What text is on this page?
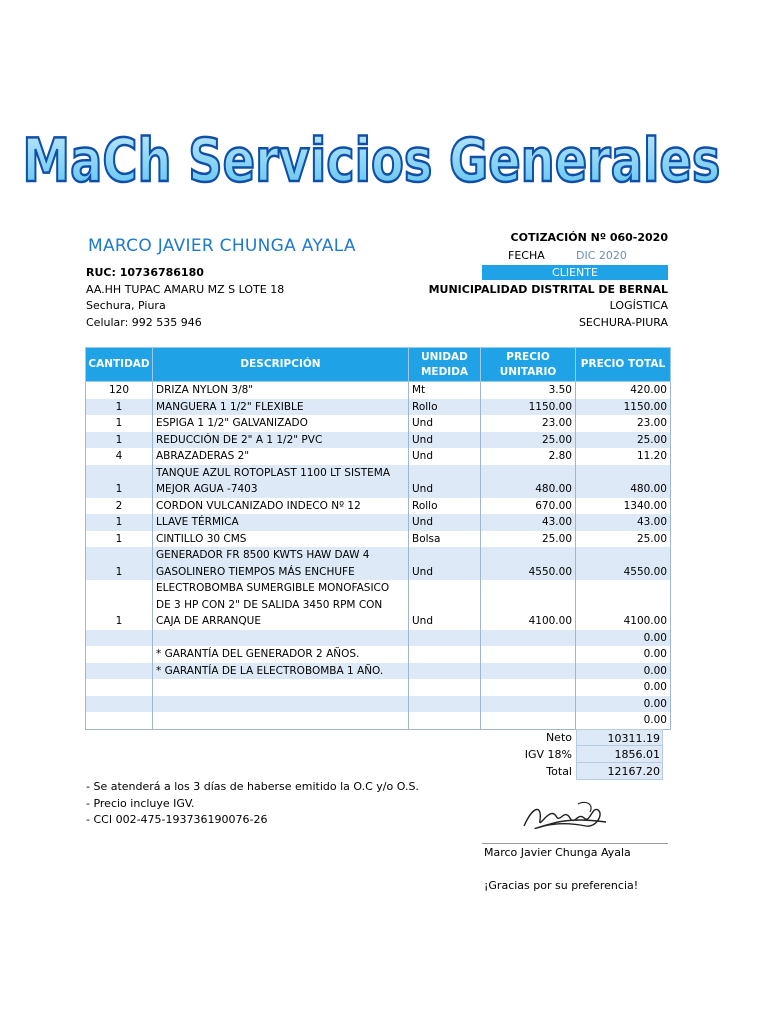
MaCh Servicios Generales
MARCO JAVIER CHUNGA AYALA
RUC: 10736786180
AA.HH TUPAC AMARU MZ S LOTE 18
Sechura, Piura
Celular: 992 535 946
COTIZACIÓN Nº 060-2020
FECHA	DIC 2020
CLIENTE
MUNICIPALIDAD DISTRITAL DE BERNAL
LOGÍSTICA
SECHURA-PIURA
CANTIDAD	DESCRIPCIÓN	UNIDAD MEDIDA	PRECIO UNITARIO	PRECIO TOTAL
120	DRIZA NYLON 3/8"	Mt	3.50	420.00
1	MANGUERA 1 1/2" FLEXIBLE	Rollo	1150.00	1150.00
1	ESPIGA 1 1/2" GALVANIZADO	Und	23.00	23.00
1	REDUCCIÓN DE 2" A 1 1/2" PVC	Und	25.00	25.00
4	ABRAZADERAS 2"	Und	2.80	11.20
1	TANQUE AZUL ROTOPLAST 1100 LT SISTEMA MEJOR AGUA -7403	Und	480.00	480.00
2	CORDON VULCANIZADO INDECO Nº 12	Rollo	670.00	1340.00
1	LLAVE TÉRMICA	Und	43.00	43.00
1	CINTILLO 30 CMS	Bolsa	25.00	25.00
1	GENERADOR FR 8500 KWTS HAW DAW 4 GASOLINERO TIEMPOS MÁS ENCHUFE	Und	4550.00	4550.00
1	ELECTROBOMBA SUMERGIBLE MONOFASICO DE 3 HP CON 2" DE SALIDA 3450 RPM CON CAJA DE ARRANQUE	Und	4100.00	4100.00
				0.00
	* GARANTÍA DEL GENERADOR 2 AÑOS.			0.00
	* GARANTÍA DE LA ELECTROBOMBA 1 AÑO.			0.00
				0.00
				0.00
				0.00
Neto	10311.19
IGV 18%	1856.01
Total	12167.20
- Se atenderá a los 3 días de haberse emitido la O.C y/o O.S.
- Precio incluye IGV.
- CCI 002-475-193736190076-26
Marco Javier Chunga Ayala
¡Gracias por su preferencia!
